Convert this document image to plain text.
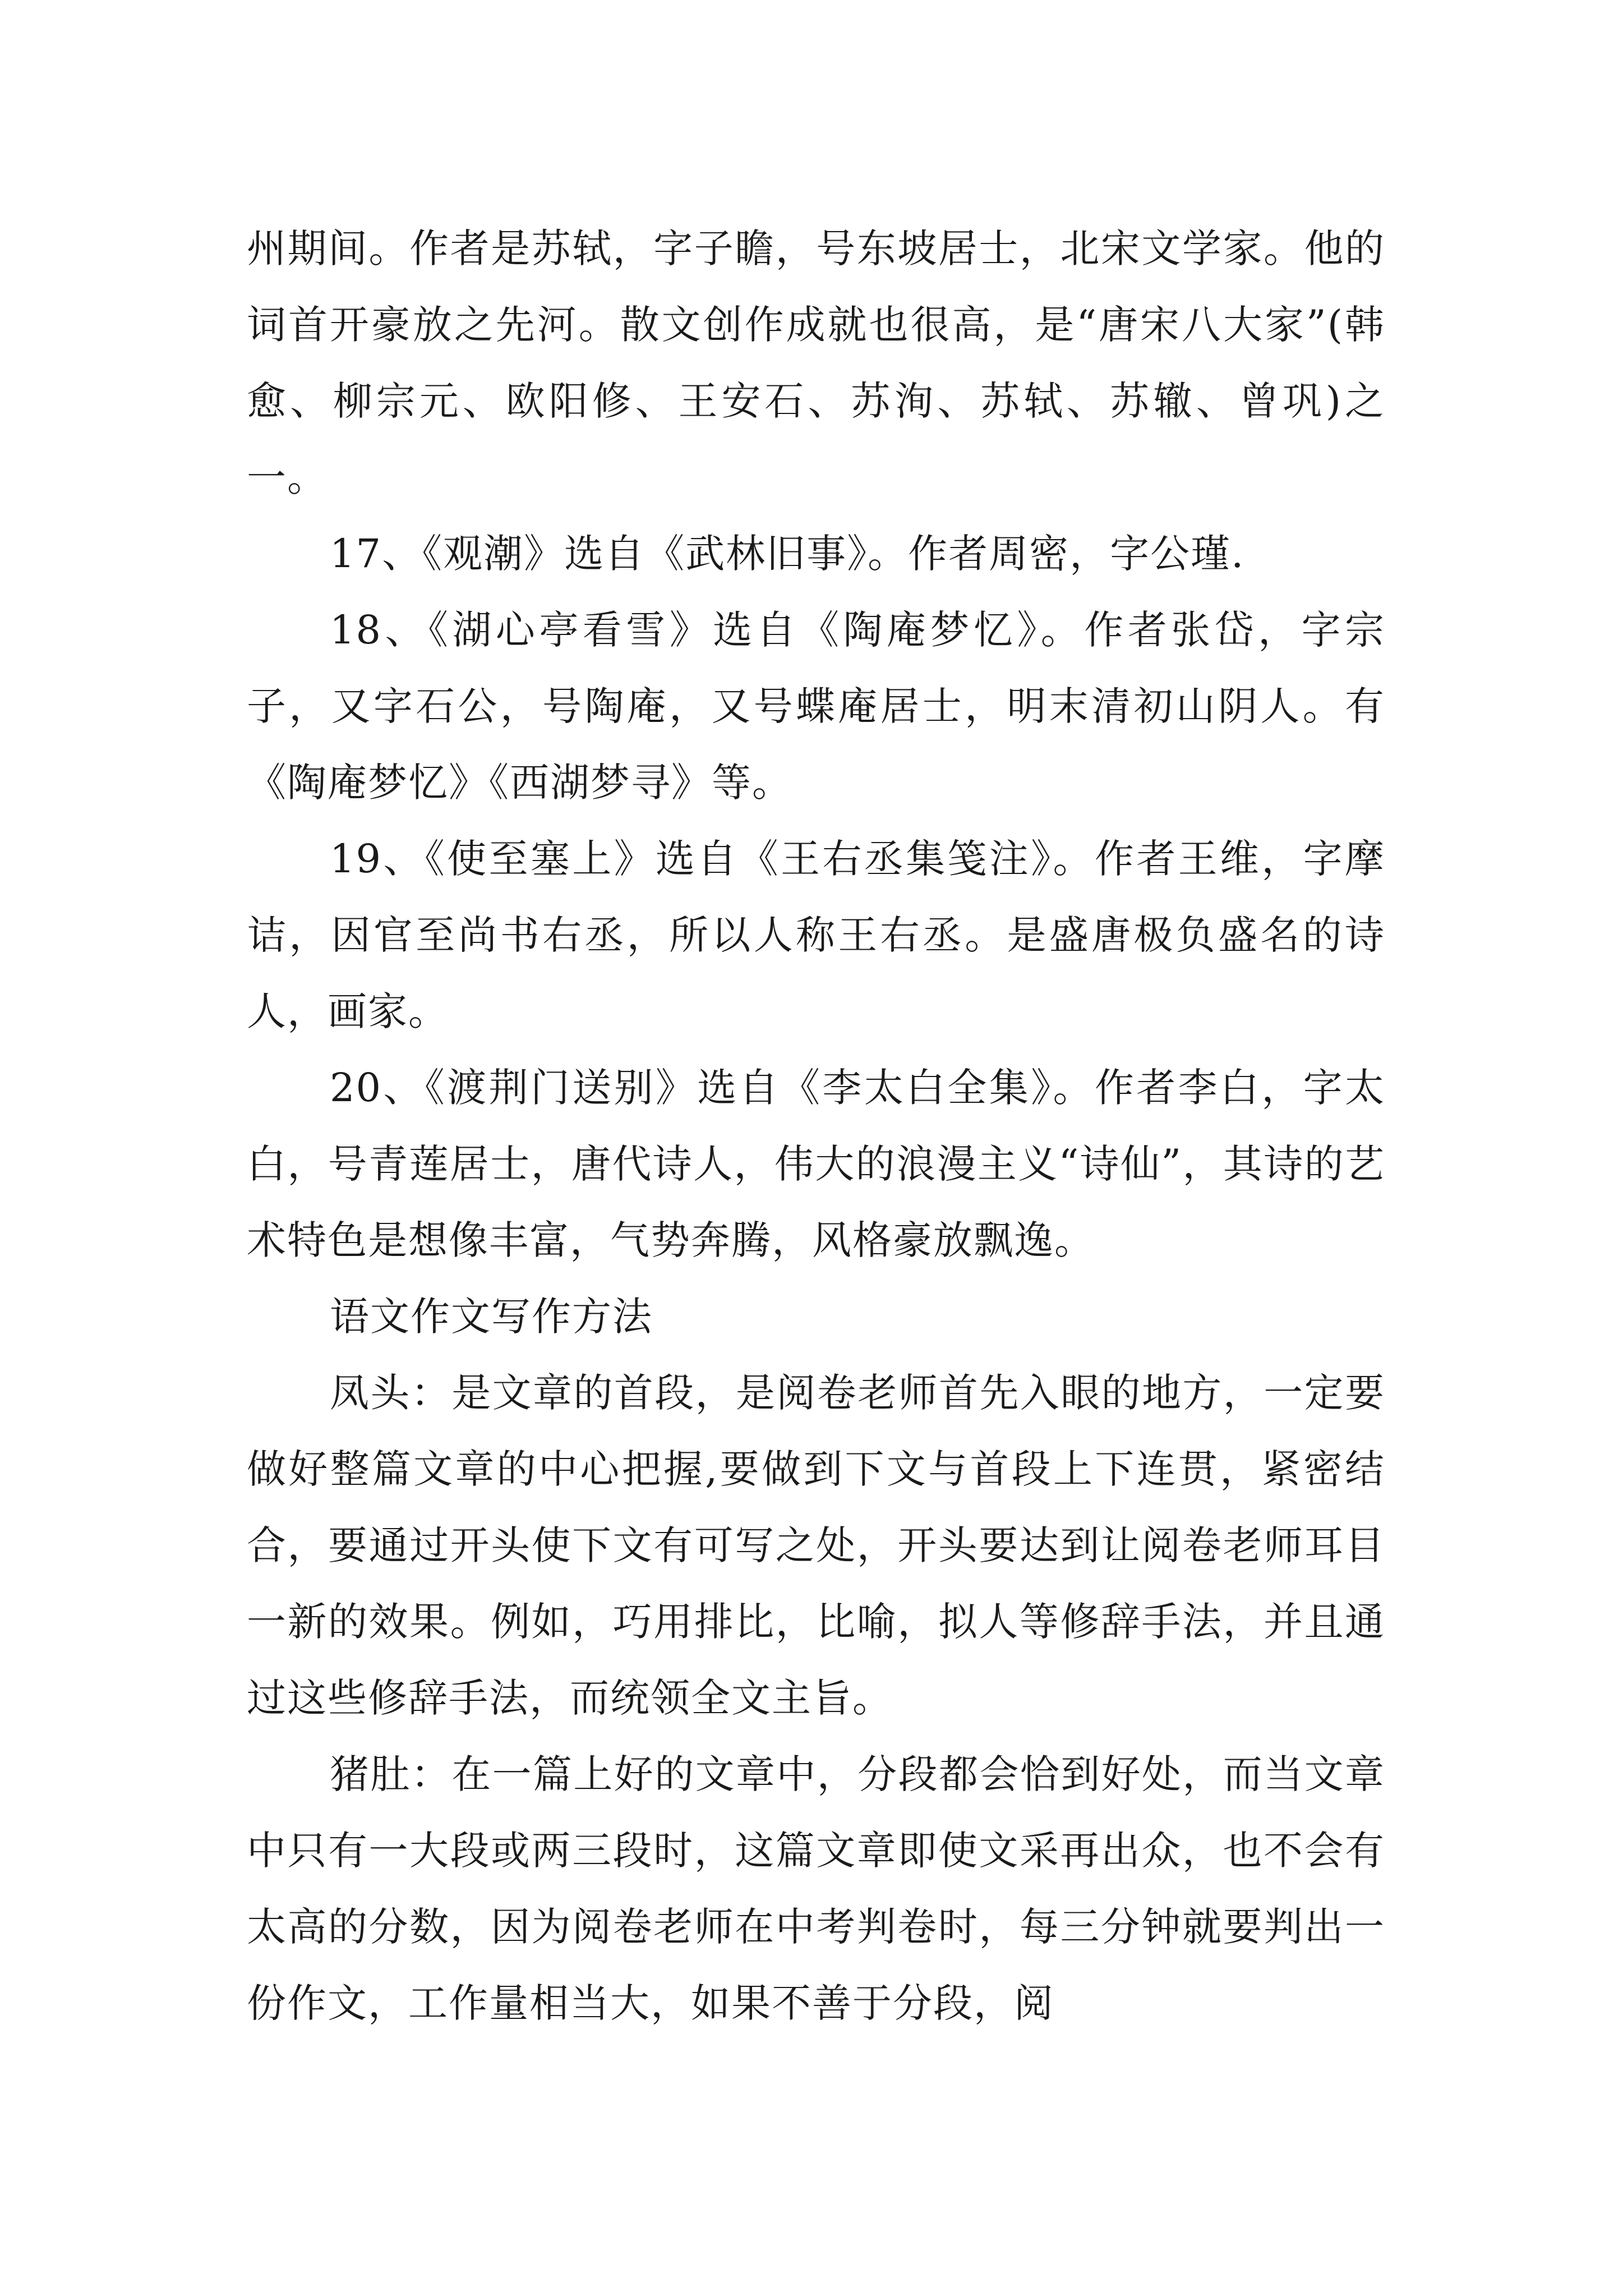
州期间。作者是苏轼，字子瞻，号东坡居士，北宋文学家。他的词首开豪放之先河。散文创作成就也很高，是“唐宋八大家”(韩愈、柳宗元、欧阳修、王安石、苏洵、苏轼、苏辙、曾巩)之一。

17、《观潮》选自《武林旧事》。作者周密，字公瑾.

18、《湖心亭看雪》选自《陶庵梦忆》。作者张岱，字宗子，又字石公，号陶庵，又号蝶庵居士，明末清初山阴人。有《陶庵梦忆》《西湖梦寻》等。

19、《使至塞上》选自《王右丞集笺注》。作者王维，字摩诘，因官至尚书右丞，所以人称王右丞。是盛唐极负盛名的诗人，画家。

20、《渡荆门送别》选自《李太白全集》。作者李白，字太白，号青莲居士，唐代诗人，伟大的浪漫主义“诗仙”，其诗的艺术特色是想像丰富，气势奔腾，风格豪放飘逸。

语文作文写作方法

凤头：是文章的首段，是阅卷老师首先入眼的地方，一定要做好整篇文章的中心把握,要做到下文与首段上下连贯，紧密结合，要通过开头使下文有可写之处，开头要达到让阅卷老师耳目一新的效果。例如，巧用排比，比喻，拟人等修辞手法，并且通过这些修辞手法，而统领全文主旨。

猪肚：在一篇上好的文章中，分段都会恰到好处，而当文章中只有一大段或两三段时，这篇文章即使文采再出众，也不会有太高的分数，因为阅卷老师在中考判卷时，每三分钟就要判出一份作文，工作量相当大，如果不善于分段，阅
